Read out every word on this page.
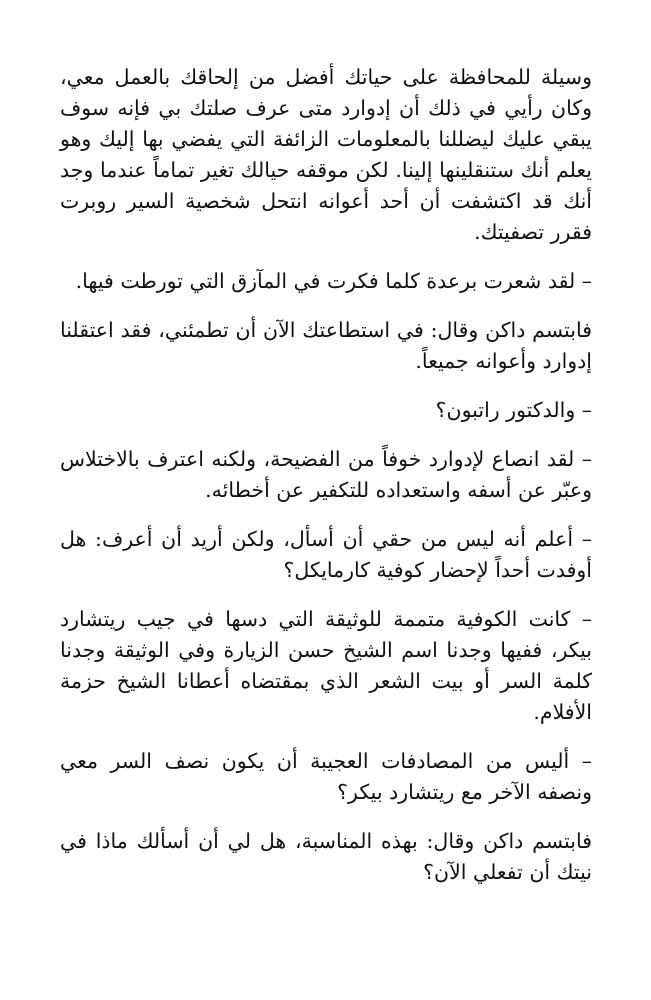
وسيلة للمحافظة على حياتك أفضل من إلحاقك بالعمل معي، وكان رأيي في ذلك أن إدوارد متى عرف صلتك بي فإنه سوف يبقي عليك ليضللنا بالمعلومات الزائفة التي يفضي بها إليك وهو يعلم أنك ستنقلينها إلينا. لكن موقفه حيالك تغير تماماً عندما وجد أنك قد اكتشفت أن أحد أعوانه انتحل شخصية السير روبرت فقرر تصفيتك.

– لقد شعرت برعدة كلما فكرت في المآزق التي تورطت فيها.

فابتسم داكن وقال: في استطاعتك الآن أن تطمئني، فقد اعتقلنا إدوارد وأعوانه جميعاً.

– والدكتور راتبون؟

– لقد انصاع لإدوارد خوفاً من الفضيحة، ولكنه اعترف بالاختلاس وعبّر عن أسفه واستعداده للتكفير عن أخطائه.

– أعلم أنه ليس من حقي أن أسأل، ولكن أريد أن أعرف: هل أوفدت أحداً لإحضار كوفية كارمايكل؟

– كانت الكوفية متممة للوثيقة التي دسها في جيب ريتشارد بيكر، ففيها وجدنا اسم الشيخ حسن الزيارة وفي الوثيقة وجدنا كلمة السر أو بيت الشعر الذي بمقتضاه أعطانا الشيخ حزمة الأفلام.

– أليس من المصادفات العجيبة أن يكون نصف السر معي ونصفه الآخر مع ريتشارد بيكر؟

فابتسم داكن وقال: بهذه المناسبة، هل لي أن أسألك ماذا في نيتك أن تفعلي الآن؟
